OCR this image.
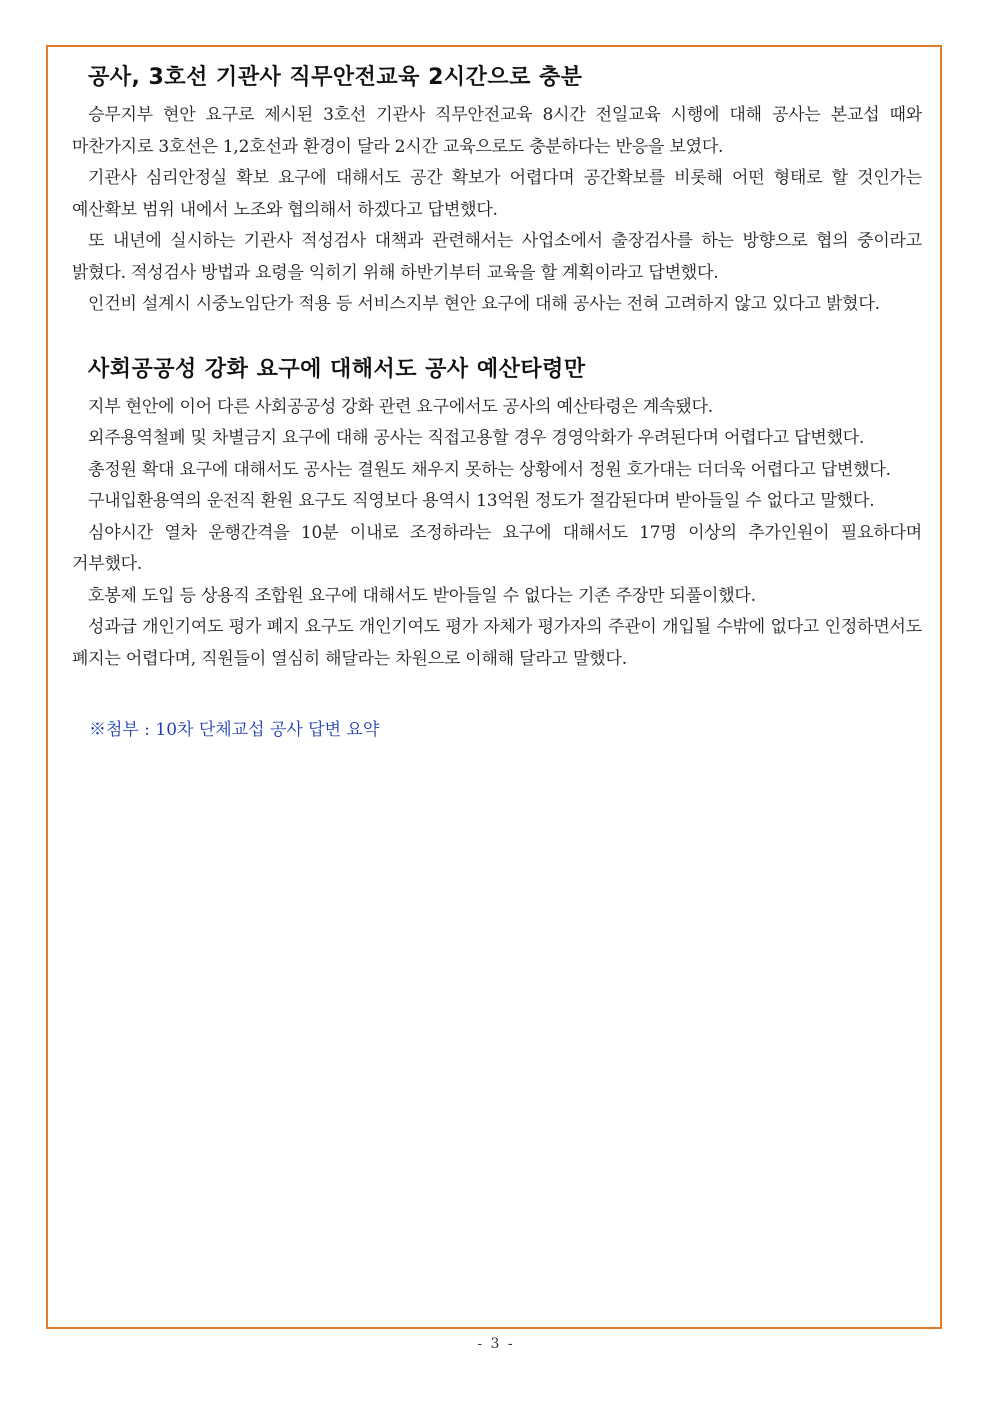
공사, 3호선 기관사 직무안전교육 2시간으로 충분

승무지부 현안 요구로 제시된 3호선 기관사 직무안전교육 8시간 전일교육 시행에 대해 공사는 본교섭 때와 마찬가지로 3호선은 1,2호선과 환경이 달라 2시간 교육으로도 충분하다는 반응을 보였다.

기관사 심리안정실 확보 요구에 대해서도 공간 확보가 어렵다며 공간확보를 비롯해 어떤 형태로 할 것인가는 예산확보 범위 내에서 노조와 협의해서 하겠다고 답변했다.

또 내년에 실시하는 기관사 적성검사 대책과 관련해서는 사업소에서 출장검사를 하는 방향으로 협의 중이라고 밝혔다. 적성검사 방법과 요령을 익히기 위해 하반기부터 교육을 할 계획이라고 답변했다.

인건비 설계시 시중노임단가 적용 등 서비스지부 현안 요구에 대해 공사는 전혀 고려하지 않고 있다고 밝혔다.

사회공공성 강화 요구에 대해서도 공사 예산타령만

지부 현안에 이어 다른 사회공공성 강화 관련 요구에서도 공사의 예산타령은 계속됐다.

외주용역철폐 및 차별금지 요구에 대해 공사는 직접고용할 경우 경영악화가 우려된다며 어렵다고 답변했다.

총정원 확대 요구에 대해서도 공사는 결원도 채우지 못하는 상황에서 정원 호가대는 더더욱 어렵다고 답변했다.

구내입환용역의 운전직 환원 요구도 직영보다 용역시 13억원 정도가 절감된다며 받아들일 수 없다고 말했다.

심야시간 열차 운행간격을 10분 이내로 조정하라는 요구에 대해서도 17명 이상의 추가인원이 필요하다며 거부했다.

호봉제 도입 등 상용직 조합원 요구에 대해서도 받아들일 수 없다는 기존 주장만 되풀이했다.

성과급 개인기여도 평가 폐지 요구도 개인기여도 평가 자체가 평가자의 주관이 개입될 수밖에 없다고 인정하면서도 폐지는 어렵다며, 직원들이 열심히 해달라는 차원으로 이해해 달라고 말했다.

※첨부 : 10차 단체교섭 공사 답변 요약
- 3 -
